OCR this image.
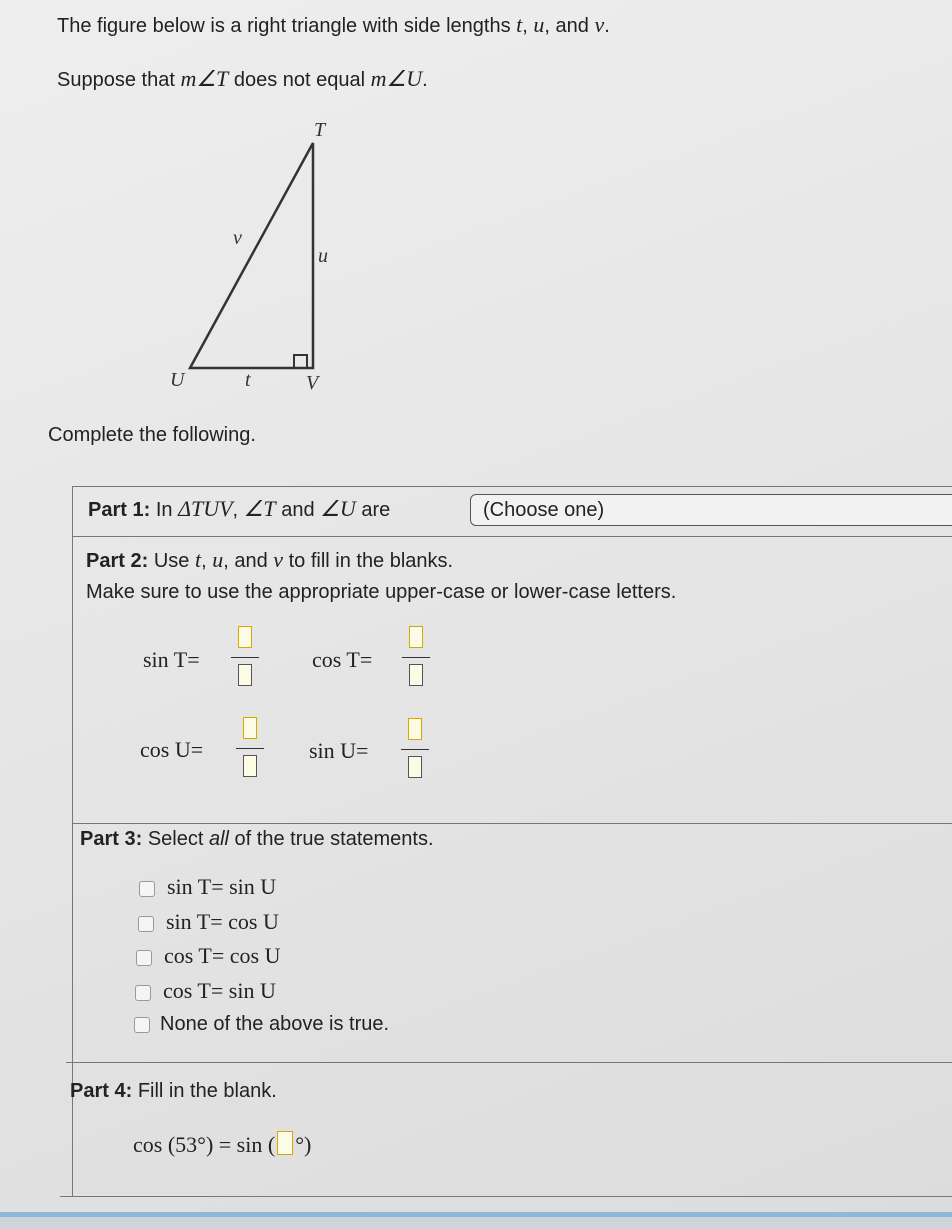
The figure below is a right triangle with side lengths t, u, and v.
Suppose that m∠T does not equal m∠U.
T
U	V
v
u
t
Complete the following.
Part 1: In ΔTUV, ∠T and ∠U are	(Choose one)
Part 2: Use t, u, and v to fill in the blanks.
Make sure to use the appropriate upper-case or lower-case letters.
sin T=	cos T=
cos U=	sin U=
Part 3: Select all of the true statements.
sin T= sin U
sin T= cos U
cos T= cos U
cos T= sin U
None of the above is true.
Part 4: Fill in the blank.
cos (53°) = sin ( °)
